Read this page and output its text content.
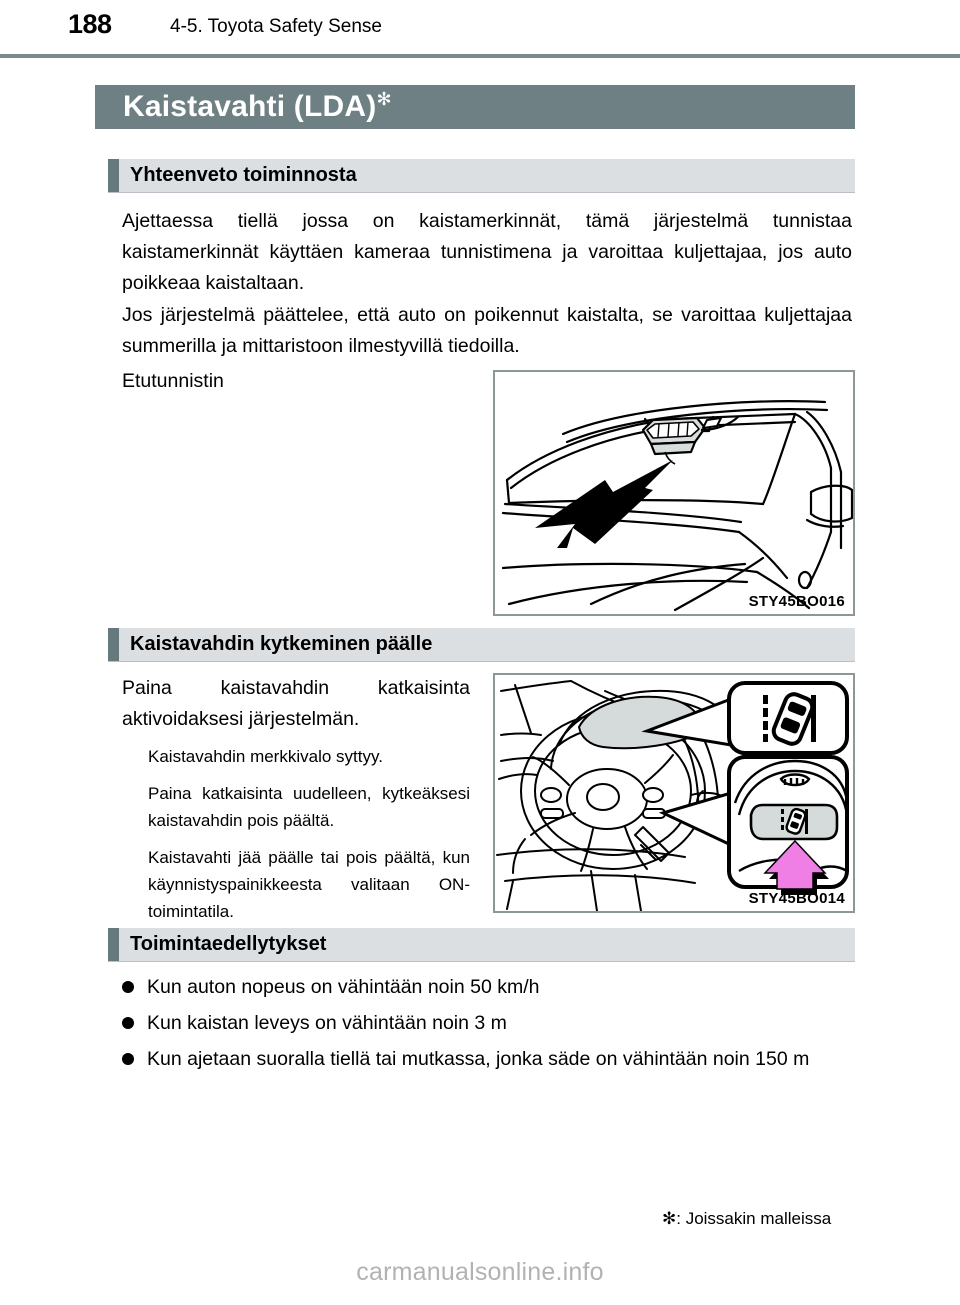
188	4-5. Toyota Safety Sense
Kaistavahti (LDA)✻
Yhteenveto toiminnosta
Ajettaessa tiellä jossa on kaistamerkinnät, tämä järjestelmä tunnistaa kaistamerkinnät käyttäen kameraa tunnistimena ja varoittaa kuljettajaa, jos auto poikkeaa kaistaltaan.
Jos järjestelmä päättelee, että auto on poikennut kaistalta, se varoittaa kuljettajaa summerilla ja mittaristoon ilmestyvillä tiedoilla.
Etutunnistin
STY45BO016
Kaistavahdin kytkeminen päälle
Paina kaistavahdin katkaisinta aktivoidaksesi järjestelmän.
Kaistavahdin merkkivalo syttyy.
Paina katkaisinta uudelleen, kytkeäksesi kaistavahdin pois päältä.
Kaistavahti jää päälle tai pois päältä, kun käynnistyspainikkeesta valitaan ON-toimintatila.
STY45BO014
Toimintaedellytykset
Kun auton nopeus on vähintään noin 50 km/h
Kun kaistan leveys on vähintään noin 3 m
Kun ajetaan suoralla tiellä tai mutkassa, jonka säde on vähintään noin 150 m
✻: Joissakin malleissa
carmanualsonline.info
